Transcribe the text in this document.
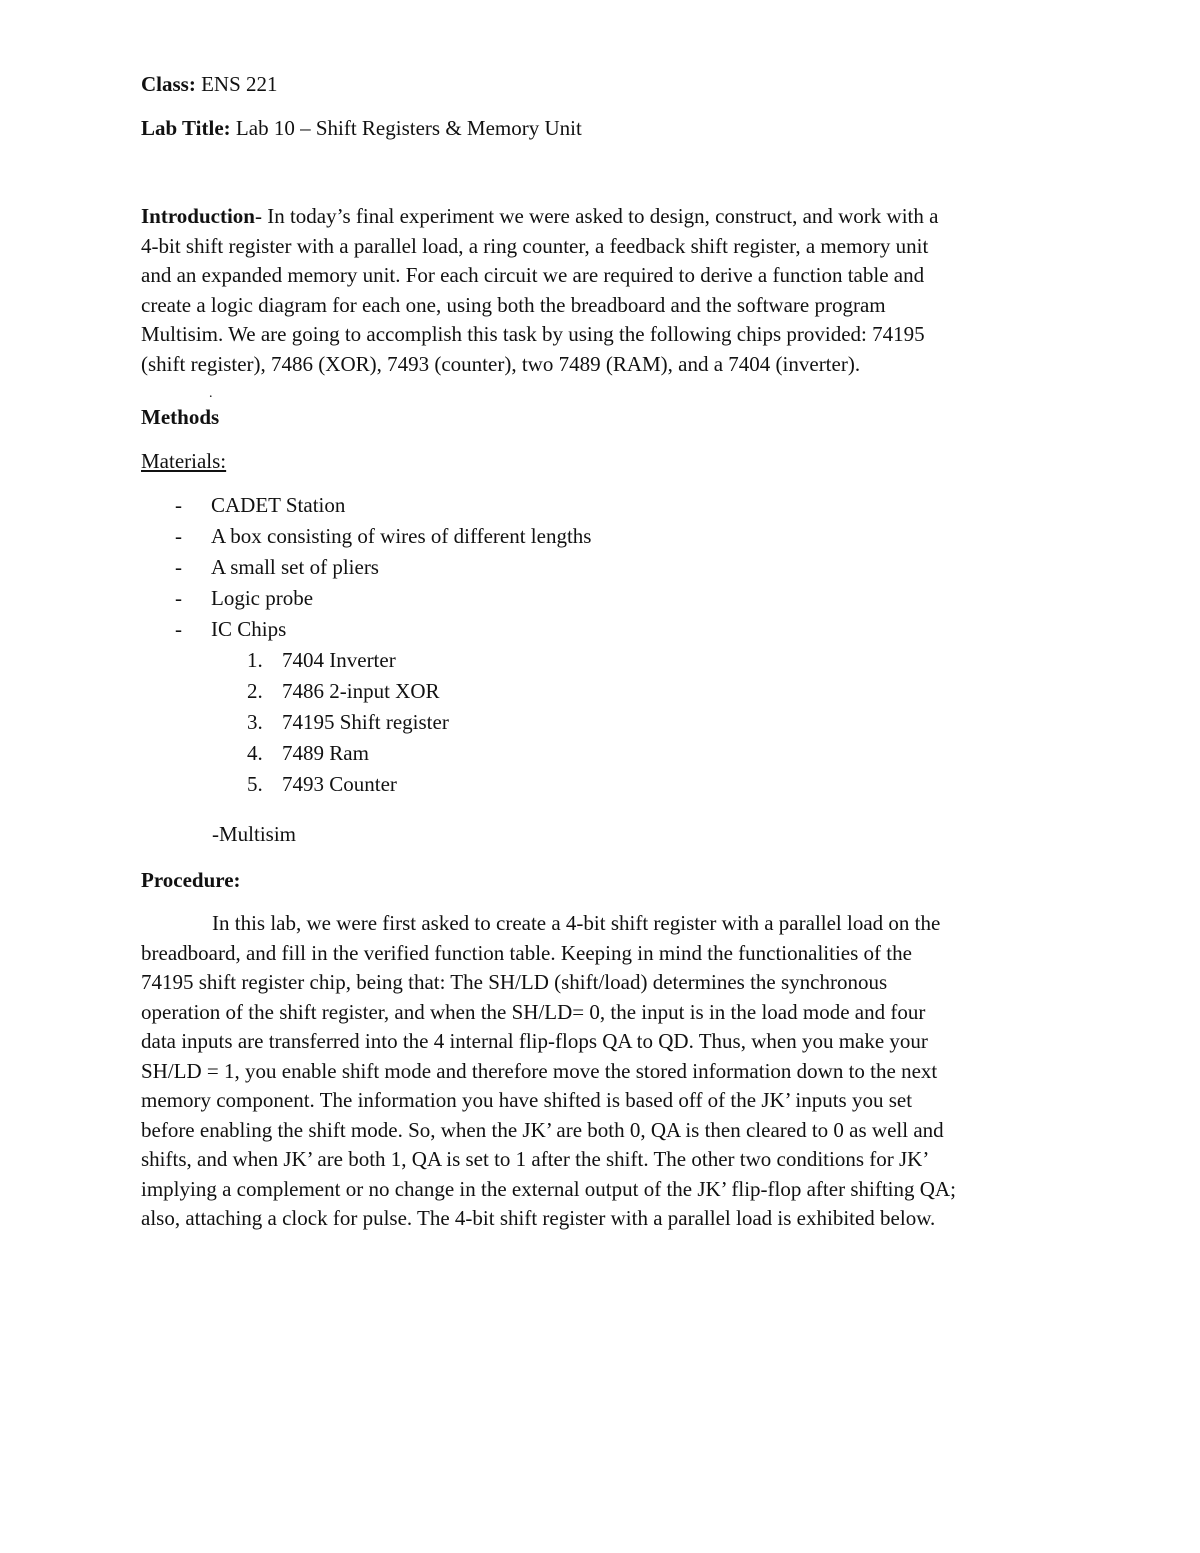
Class: ENS 221
Lab Title: Lab 10 – Shift Registers & Memory Unit
Introduction- In today’s final experiment we were asked to design, construct, and work with a
4-bit shift register with a parallel load, a ring counter, a feedback shift register, a memory unit
and an expanded memory unit. For each circuit we are required to derive a function table and
create a logic diagram for each one, using both the breadboard and the software program
Multisim. We are going to accomplish this task by using the following chips provided: 74195
(shift register), 7486 (XOR), 7493 (counter), two 7489 (RAM), and a 7404 (inverter).
.
Methods
Materials:
- CADET Station
- A box consisting of wires of different lengths
- A small set of pliers
- Logic probe
- IC Chips
1. 7404 Inverter
2. 7486 2-input XOR
3. 74195 Shift register
4. 7489 Ram
5. 7493 Counter
-Multisim
Procedure:
In this lab, we were first asked to create a 4-bit shift register with a parallel load on the
breadboard, and fill in the verified function table. Keeping in mind the functionalities of the
74195 shift register chip, being that: The SH/LD (shift/load) determines the synchronous
operation of the shift register, and when the SH/LD= 0, the input is in the load mode and four
data inputs are transferred into the 4 internal flip-flops QA to QD. Thus, when you make your
SH/LD = 1, you enable shift mode and therefore move the stored information down to the next
memory component. The information you have shifted is based off of the JK’ inputs you set
before enabling the shift mode. So, when the JK’ are both 0, QA is then cleared to 0 as well and
shifts, and when JK’ are both 1, QA is set to 1 after the shift. The other two conditions for JK’
implying a complement or no change in the external output of the JK’ flip-flop after shifting QA;
also, attaching a clock for pulse. The 4-bit shift register with a parallel load is exhibited below.
